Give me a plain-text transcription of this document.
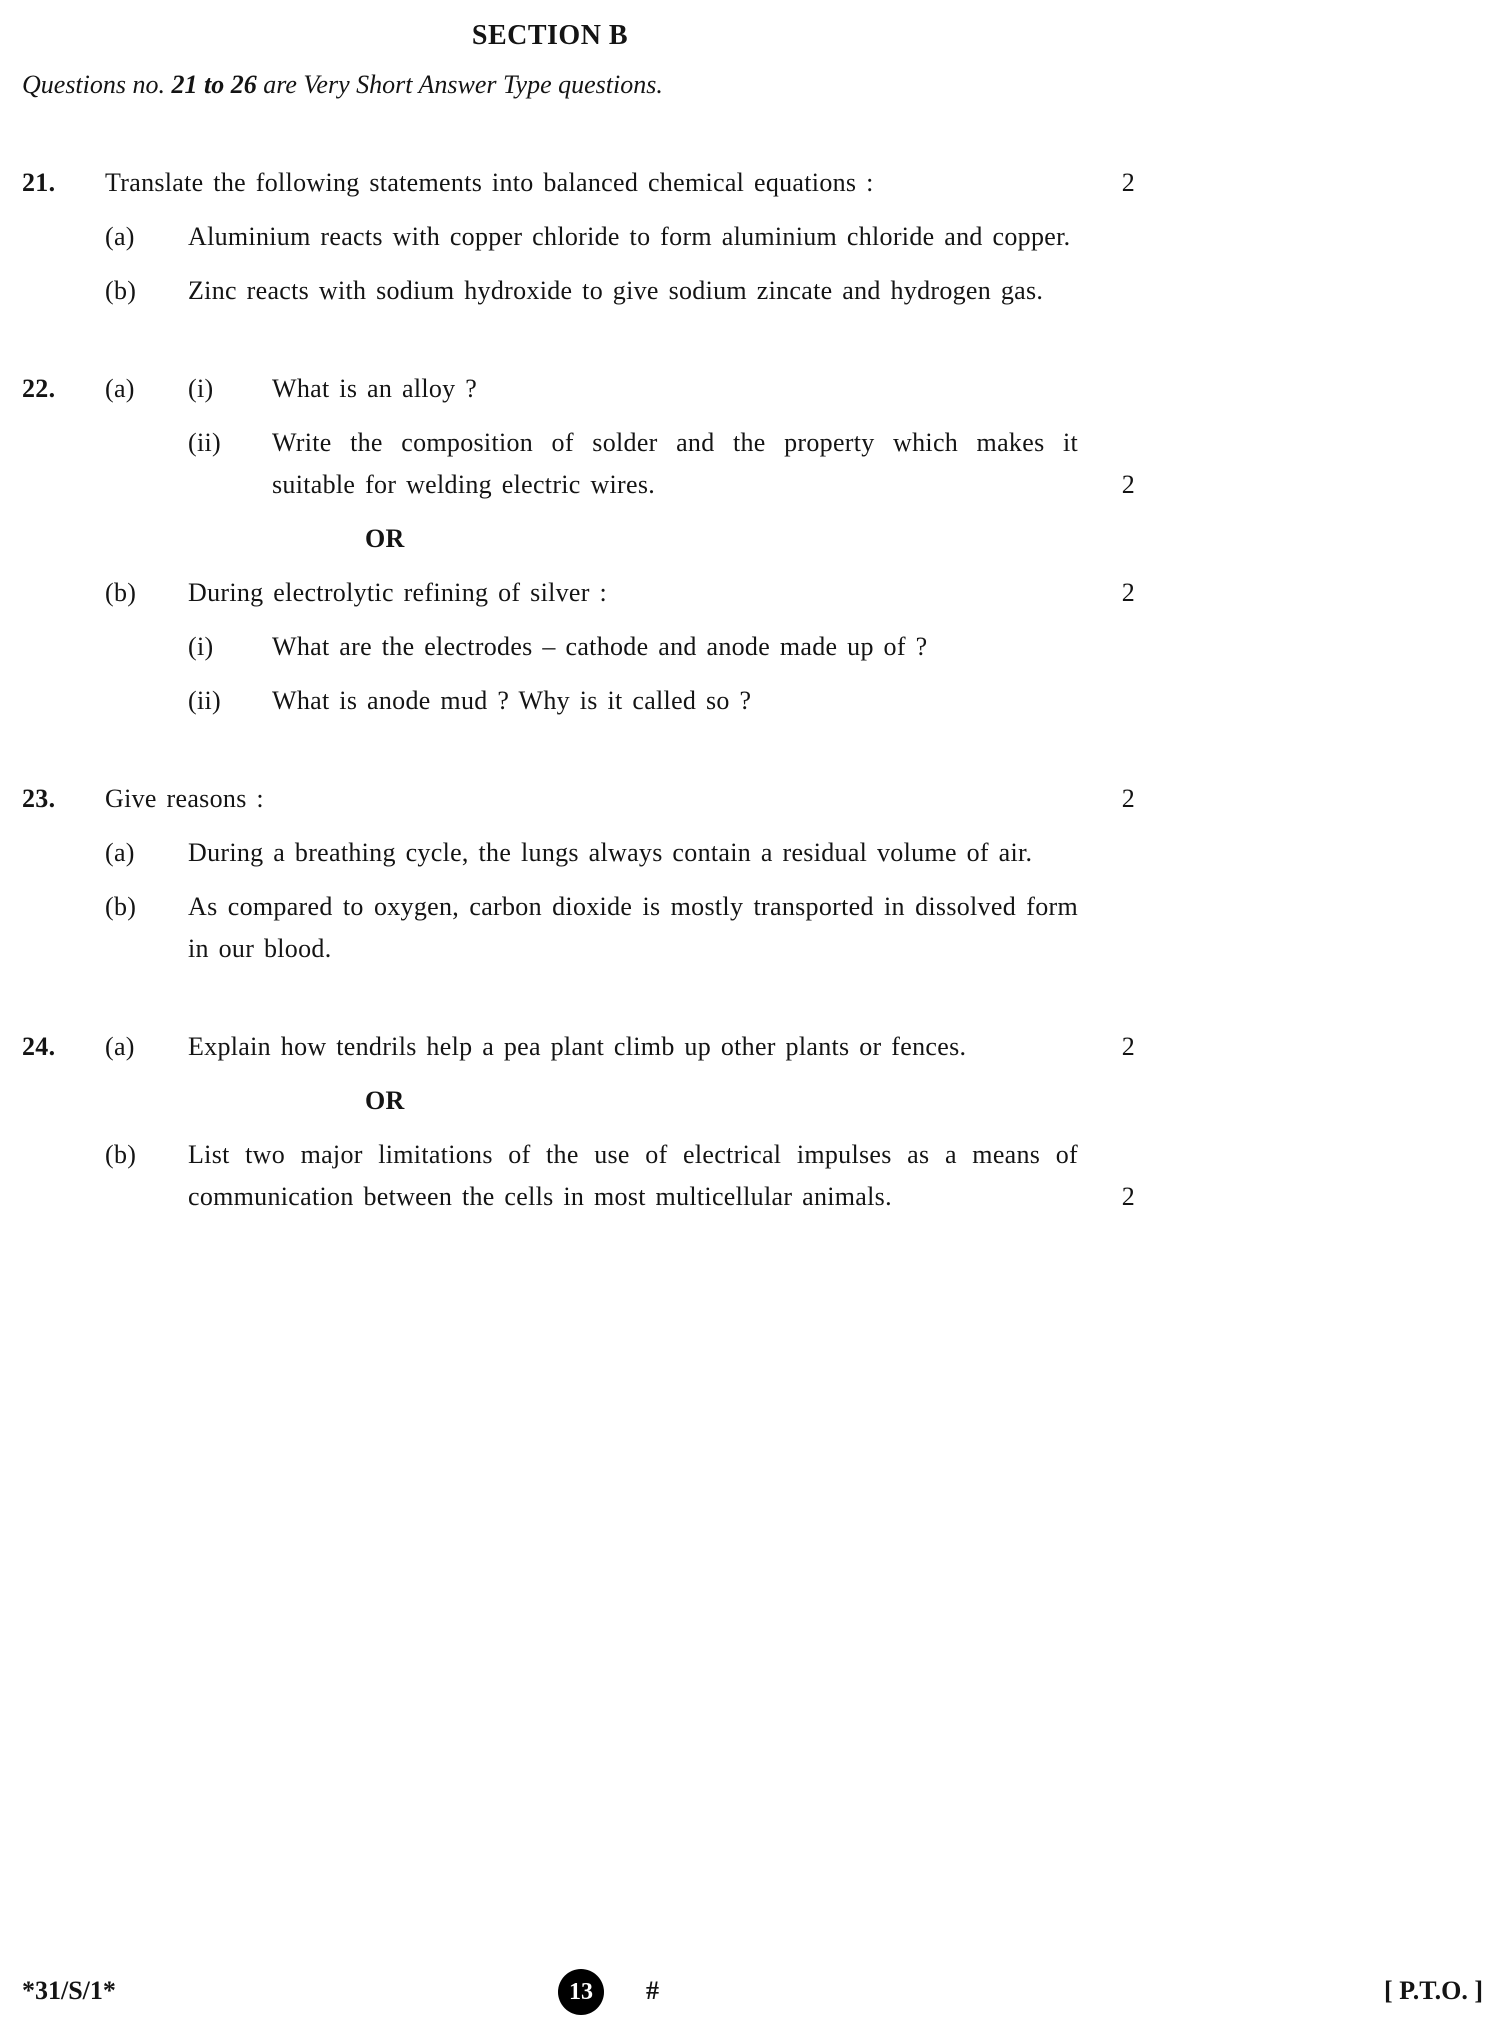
SECTION B
Questions no. 21 to 26 are Very Short Answer Type questions.
21.	Translate the following statements into balanced chemical equations :	2
(a)	Aluminium reacts with copper chloride to form aluminium chloride and copper.
(b)	Zinc reacts with sodium hydroxide to give sodium zincate and hydrogen gas.
22.	(a)	(i)	What is an alloy ?
(ii)	Write the composition of solder and the property which makes it suitable for welding electric wires.	2
OR
(b)	During electrolytic refining of silver :	2
(i)	What are the electrodes – cathode and anode made up of ?
(ii)	What is anode mud ? Why is it called so ?
23.	Give reasons :	2
(a)	During a breathing cycle, the lungs always contain a residual volume of air.
(b)	As compared to oxygen, carbon dioxide is mostly transported in dissolved form in our blood.
24.	(a)	Explain how tendrils help a pea plant climb up other plants or fences.	2
OR
(b)	List two major limitations of the use of electrical impulses as a means of communication between the cells in most multicellular animals.	2
*31/S/1*	13	#	[ P.T.O. ]
